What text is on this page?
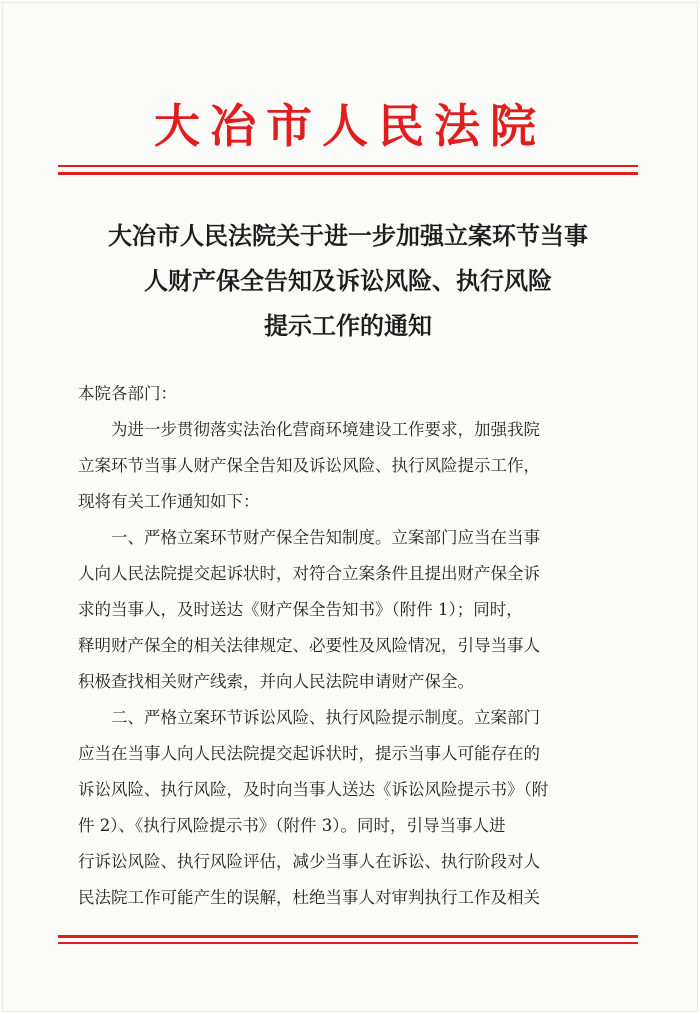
大冶市人民法院
大冶市人民法院关于进一步加强立案环节当事
人财产保全告知及诉讼风险、执行风险
提示工作的通知
本院各部门：
为进一步贯彻落实法治化营商环境建设工作要求，加强我院
立案环节当事人财产保全告知及诉讼风险、执行风险提示工作，
现将有关工作通知如下：
一、严格立案环节财产保全告知制度。立案部门应当在当事
人向人民法院提交起诉状时，对符合立案条件且提出财产保全诉
求的当事人，及时送达《财产保全告知书》（附件 1）；同时，
释明财产保全的相关法律规定、必要性及风险情况，引导当事人
积极查找相关财产线索，并向人民法院申请财产保全。
二、严格立案环节诉讼风险、执行风险提示制度。立案部门
应当在当事人向人民法院提交起诉状时，提示当事人可能存在的
诉讼风险、执行风险，及时向当事人送达《诉讼风险提示书》（附
件 2）、《执行风险提示书》（附件 3）。同时，引导当事人进
行诉讼风险、执行风险评估，减少当事人在诉讼、执行阶段对人
民法院工作可能产生的误解，杜绝当事人对审判执行工作及相关
